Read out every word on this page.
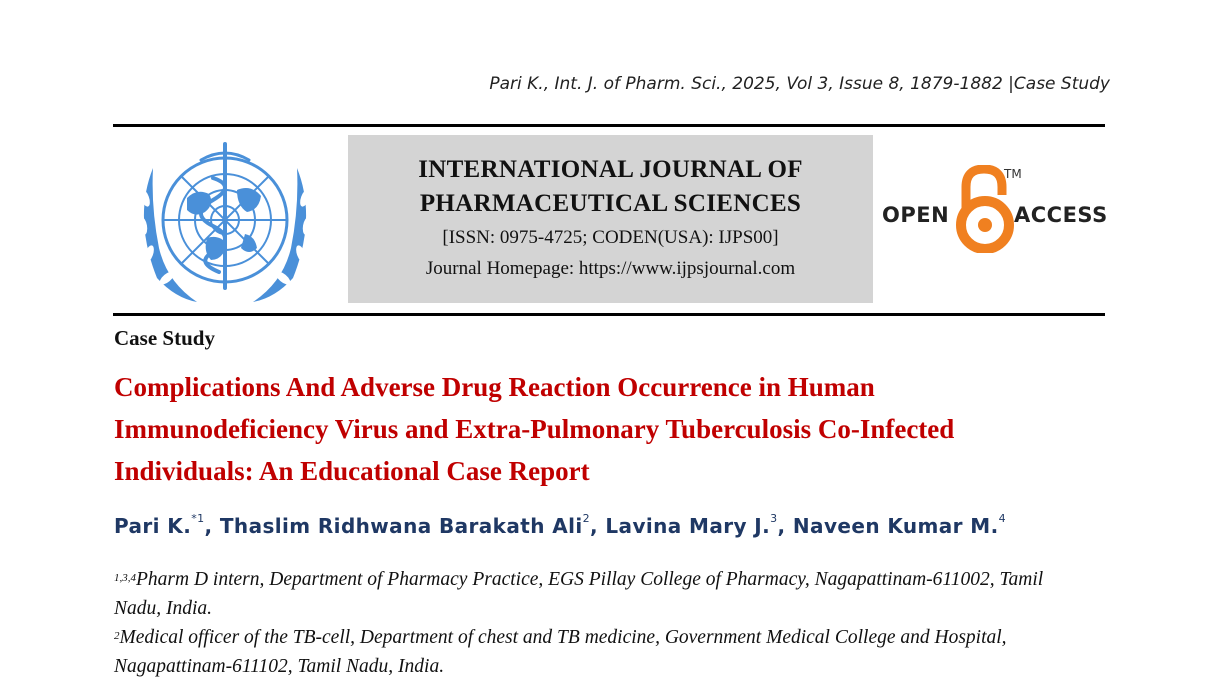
Pari K., Int. J. of Pharm. Sci., 2025, Vol 3, Issue 8, 1879-1882 |Case Study
INTERNATIONAL JOURNAL OF
PHARMACEUTICAL SCIENCES
[ISSN: 0975-4725; CODEN(USA): IJPS00]
Journal Homepage: https://www.ijpsjournal.com
OPEN
TM
ACCESS
Case Study
Complications And Adverse Drug Reaction Occurrence in Human Immunodeficiency Virus and Extra-Pulmonary Tuberculosis Co-Infected Individuals: An Educational Case Report
Pari K.$^{*1}$, Thaslim Ridhwana Barakath Ali$^2$, Lavina Mary J.$^3$, Naveen Kumar M.$^4$

$^{1,3,4}$Pharm D intern, Department of Pharmacy Practice, EGS Pillay College of Pharmacy, Nagapattinam-611002, Tamil Nadu, India.

$^2$Medical officer of the TB-cell, Department of chest and TB medicine, Government Medical College and Hospital, Nagapattinam-611102, Tamil Nadu, India.
